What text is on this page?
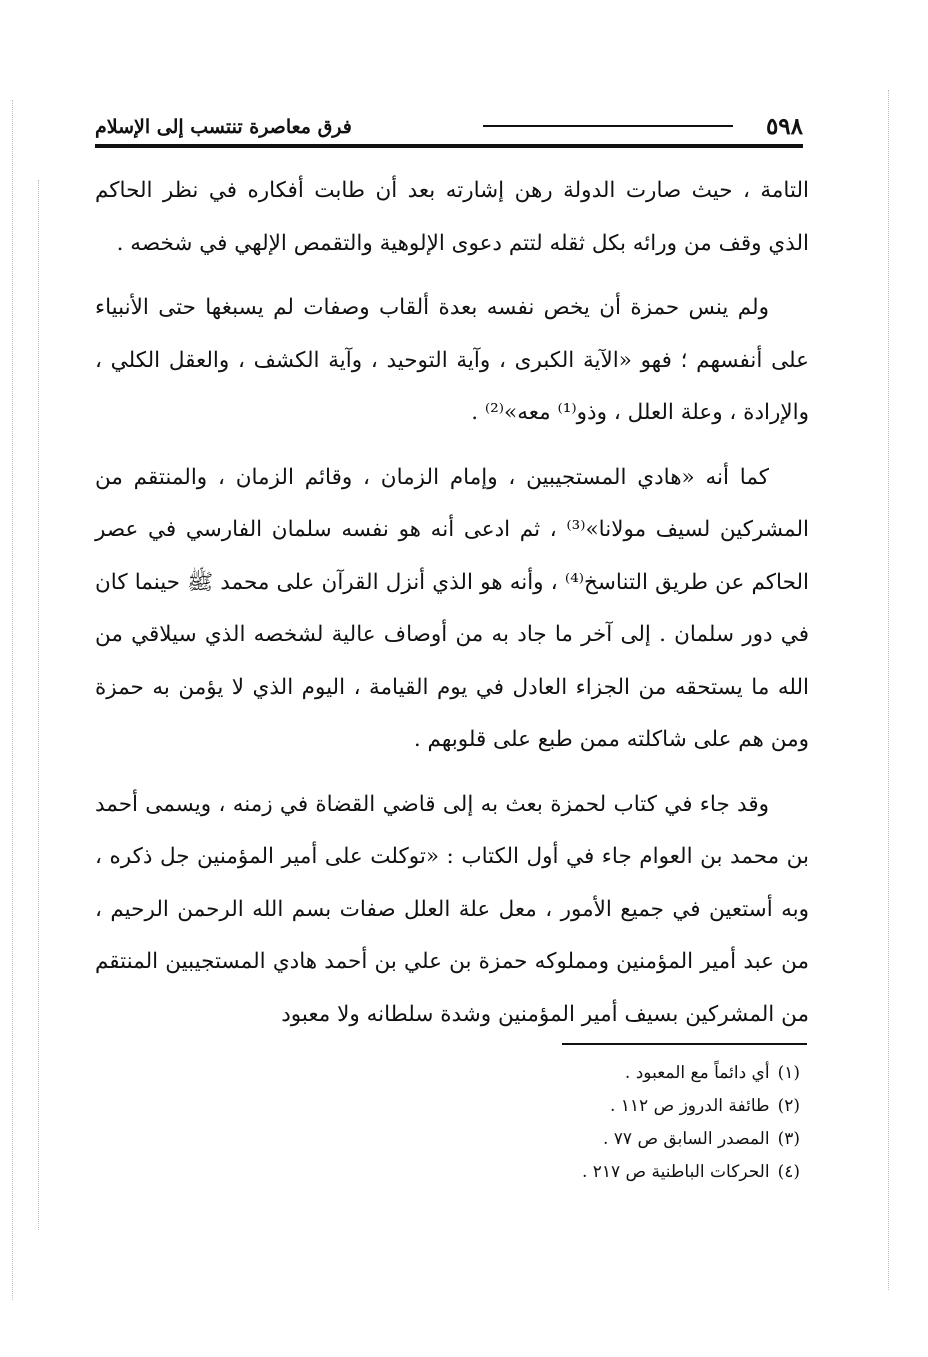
٥٩٨
فرق معاصرة تنتسب إلى الإسلام

التامة ، حيث صارت الدولة رهن إشارته بعد أن طابت أفكاره في نظر الحاكم الذي وقف من ورائه بكل ثقله لتتم دعوى الإلوهية والتقمص الإلهي في شخصه .

ولم ينس حمزة أن يخص نفسه بعدة ألقاب وصفات لم يسبغها حتى الأنبياء على أنفسهم ؛ فهو «الآية الكبرى ، وآية التوحيد ، وآية الكشف ، والعقل الكلي ، والإرادة ، وعلة العلل ، وذو⁽¹⁾ معه»⁽²⁾ .

كما أنه «هادي المستجيبين ، وإمام الزمان ، وقائم الزمان ، والمنتقم من المشركين لسيف مولانا»⁽³⁾ ، ثم ادعى أنه هو نفسه سلمان الفارسي في عصر الحاكم عن طريق التناسخ⁽⁴⁾ ، وأنه هو الذي أنزل القرآن على محمد ﷺ حينما كان في دور سلمان . إلى آخر ما جاد به من أوصاف عالية لشخصه الذي سيلاقي من الله ما يستحقه من الجزاء العادل في يوم القيامة ، اليوم الذي لا يؤمن به حمزة ومن هم على شاكلته ممن طبع على قلوبهم .

وقد جاء في كتاب لحمزة بعث به إلى قاضي القضاة في زمنه ، ويسمى أحمد بن محمد بن العوام جاء في أول الكتاب : «توكلت على أمير المؤمنين جل ذكره ، وبه أستعين في جميع الأمور ، معل علة العلل صفات بسم الله الرحمن الرحيم ، من عبد أمير المؤمنين ومملوكه حمزة بن علي بن أحمد هادي المستجيبين المنتقم من المشركين بسيف أمير المؤمنين وشدة سلطانه ولا معبود

(١)
أي دائماً مع المعبود .
(٢)
طائفة الدروز ص ١١٢ .
(٣)
المصدر السابق ص ٧٧ .
(٤)
الحركات الباطنية ص ٢١٧ .
